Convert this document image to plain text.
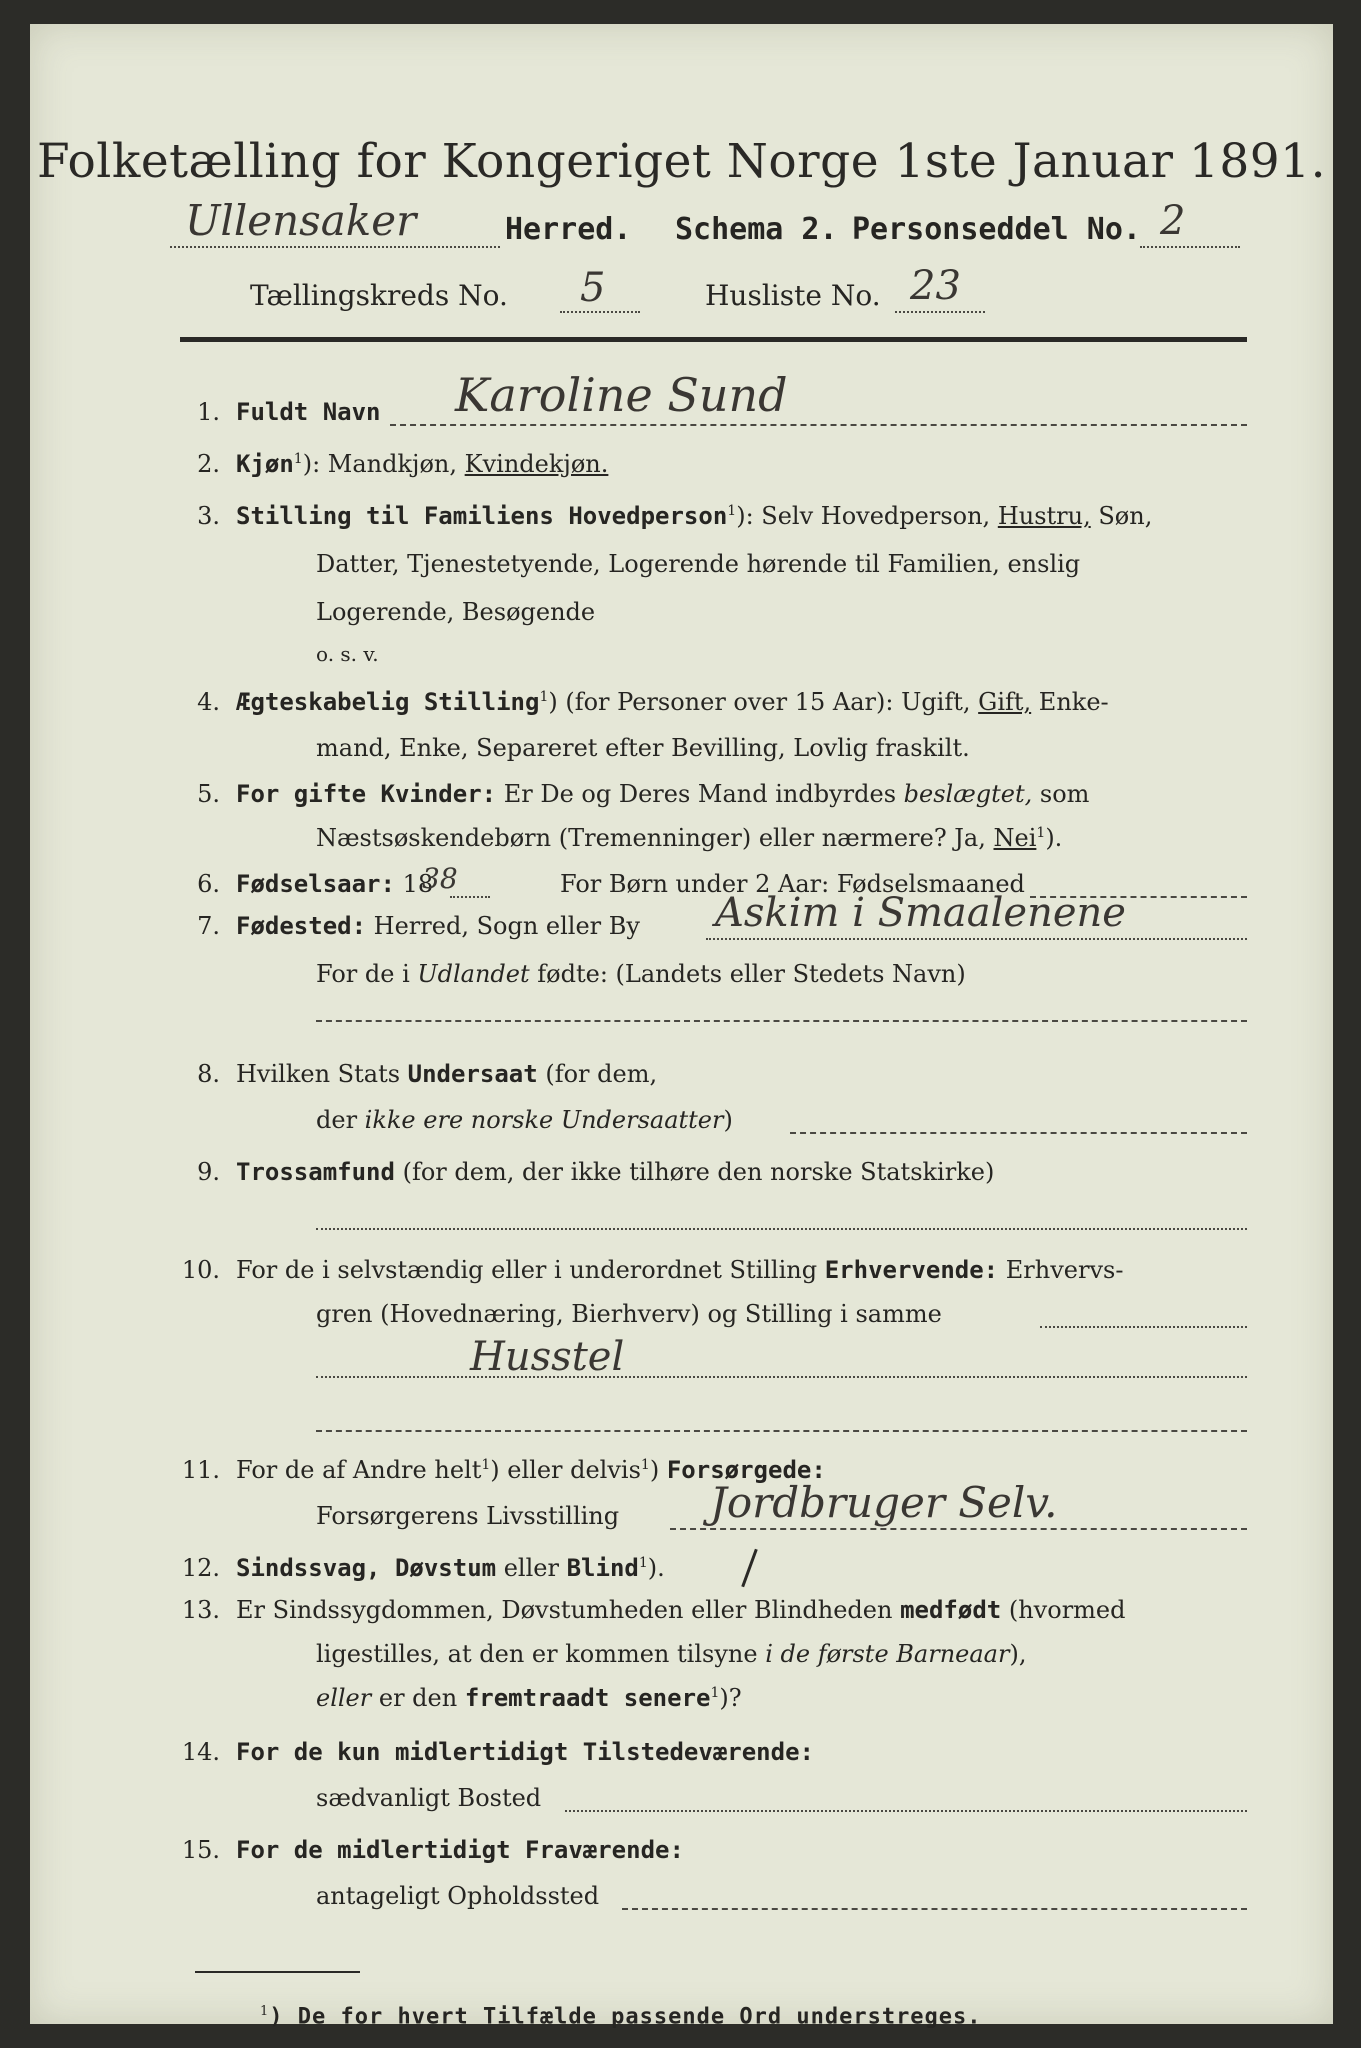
Folketælling for Kongeriget Norge 1ste Januar 1891.
Ullensaker	Herred. Schema 2. Personseddel No. 2
Tællingskreds No. 5	Husliste No. 23
1. Fuldt Navn Karoline Sund
2. Kjøn$^1$): Mandkjøn, Kvindekjøn.
3. Stilling til Familiens Hovedperson$^1$): Selv Hovedperson, Hustru, Søn,
Datter, Tjenestetyende, Logerende hørende til Familien, enslig
Logerende, Besøgende
o. s. v.
4. Ægteskabelig Stilling$^1$) (for Personer over 15 Aar): Ugift, Gift, Enke-
mand, Enke, Separeret efter Bevilling, Lovlig fraskilt.
5. For gifte Kvinder: Er De og Deres Mand indbyrdes beslægtet, som
Næstsøskendebørn (Tremenninger) eller nærmere? Ja, Nei$^1$).
6. Fødselsaar: 18
38	For Børn under 2 Aar: Fødselsmaaned
7. Fødested: Herred, Sogn eller By Askim i Smaalenene
For de i Udlandet fødte: (Landets eller Stedets Navn)
8. Hvilken Stats Undersaat (for dem,
der ikke ere norske Undersaatter)
9. Trossamfund (for dem, der ikke tilhøre den norske Statskirke)
10. For de i selvstændig eller i underordnet Stilling Erhvervende: Erhvervs-
gren (Hovednæring, Bierhverv) og Stilling i samme
Husstel
11. For de af Andre helt$^1$) eller delvis$^1$) Forsørgede:
Forsørgerens Livsstilling Jordbruger Selv.
12. Sindssvag, Døvstum eller Blind$^1$).
13. Er Sindssygdommen, Døvstumheden eller Blindheden medfødt (hvormed
ligestilles, at den er kommen tilsyne i de første Barneaar),
eller er den fremtraadt senere$^1$)?
14. For de kun midlertidigt Tilstedeværende:
sædvanligt Bosted
15. For de midlertidigt Fraværende:
antageligt Opholdssted
$^1$) De for hvert Tilfælde passende Ord understreges.
